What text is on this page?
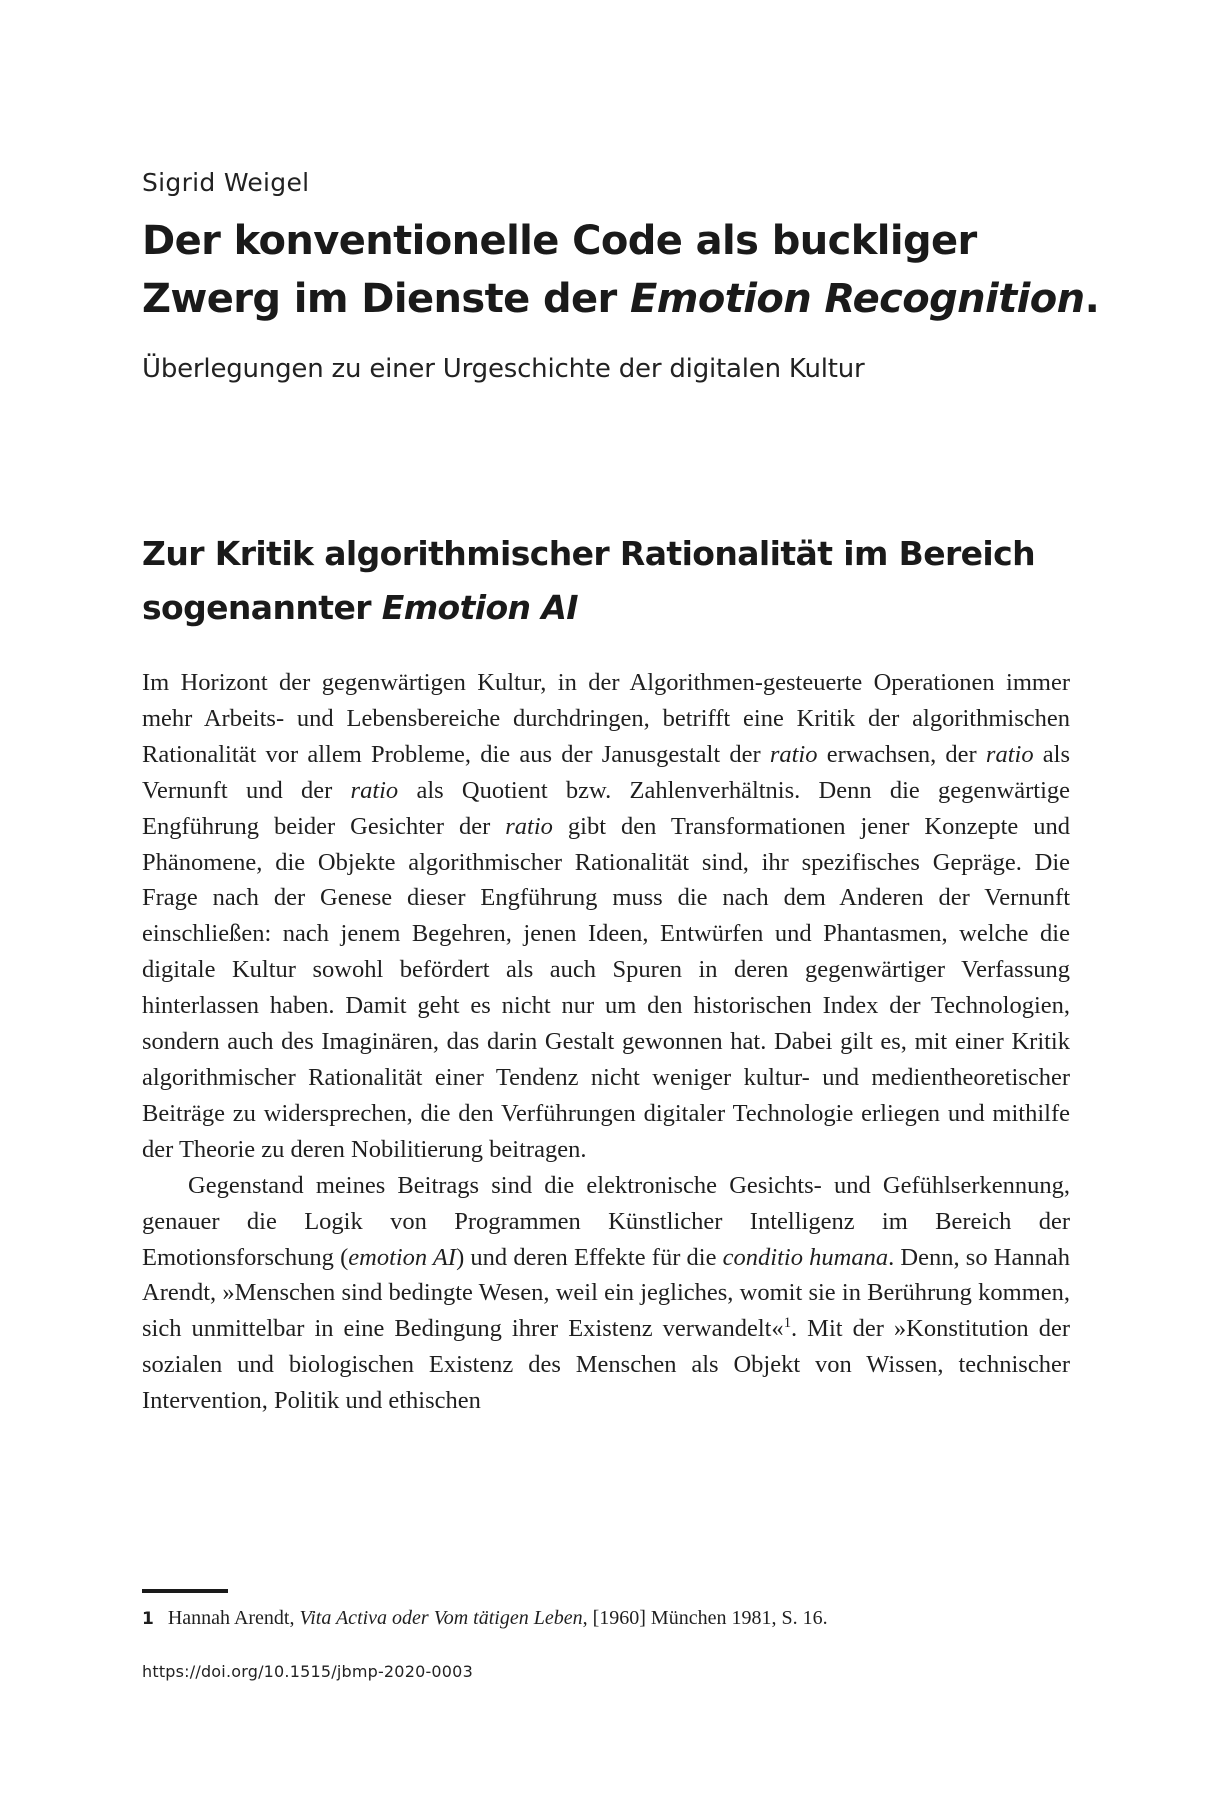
Sigrid Weigel

Der konventionelle Code als buckliger Zwerg im Dienste der Emotion Recognition.
Überlegungen zu einer Urgeschichte der digitalen Kultur
Zur Kritik algorithmischer Rationalität im Bereich sogenannter Emotion AI

Im Horizont der gegenwärtigen Kultur, in der Algorithmen-gesteuerte Operationen immer mehr Arbeits- und Lebensbereiche durchdringen, betrifft eine Kritik der algorithmischen Rationalität vor allem Probleme, die aus der Janusgestalt der ratio erwachsen, der ratio als Vernunft und der ratio als Quotient bzw. Zahlenverhältnis. Denn die gegenwärtige Engführung beider Gesichter der ratio gibt den Transformationen jener Konzepte und Phänomene, die Objekte algorithmischer Rationalität sind, ihr spezifisches Gepräge. Die Frage nach der Genese dieser Engführung muss die nach dem Anderen der Vernunft einschließen: nach jenem Begehren, jenen Ideen, Entwürfen und Phantasmen, welche die digitale Kultur sowohl befördert als auch Spuren in deren gegenwärtiger Verfassung hinterlassen haben. Damit geht es nicht nur um den historischen Index der Technologien, sondern auch des Imaginären, das darin Gestalt gewonnen hat. Dabei gilt es, mit einer Kritik algorithmischer Rationalität einer Tendenz nicht weniger kultur- und medientheoretischer Beiträge zu widersprechen, die den Verführungen digitaler Technologie erliegen und mithilfe der Theorie zu deren Nobilitierung beitragen.

Gegenstand meines Beitrags sind die elektronische Gesichts- und Gefühlserkennung, genauer die Logik von Programmen Künstlicher Intelligenz im Bereich der Emotionsforschung (emotion AI) und deren Effekte für die conditio humana. Denn, so Hannah Arendt, »Menschen sind bedingte Wesen, weil ein jegliches, womit sie in Berührung kommen, sich unmittelbar in eine Bedingung ihrer Existenz verwandelt«$^1$. Mit der »Konstitution der sozialen und biologischen Existenz des Menschen als Objekt von Wissen, technischer Intervention, Politik und ethischen

1 Hannah Arendt, Vita Activa oder Vom tätigen Leben, [1960] München 1981, S. 16.

https://doi.org/10.1515/jbmp-2020-0003
